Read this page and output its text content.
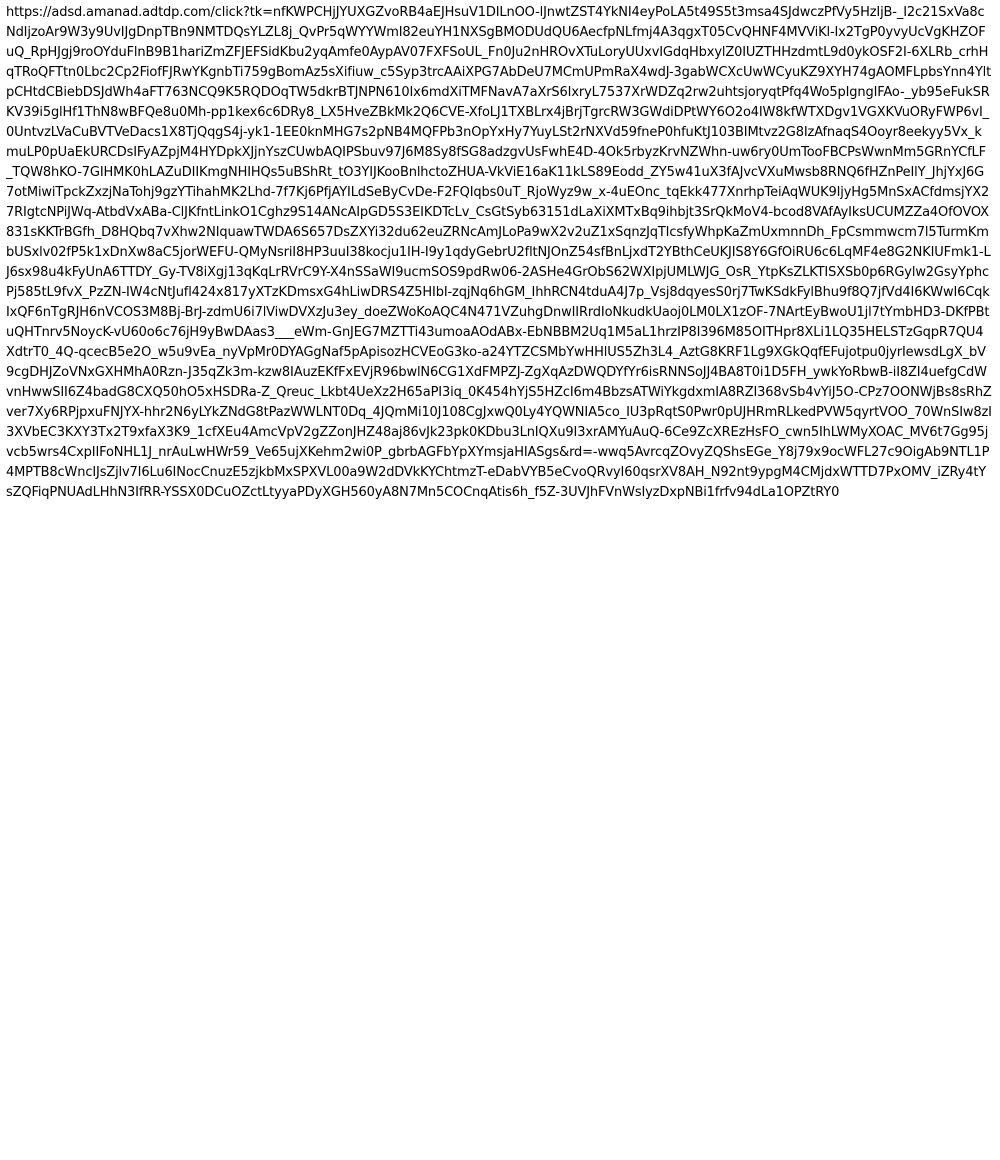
https://adsd.amanad.adtdp.com/click?tk=nfKWPCHjJYUXGZvoRB4aEJHsuV1DILnOO-lJnwtZST4YkNI4eyPoLA5t49S5t3msa4SJdwczPfVy5HzIjB-_I2c21SxVa8cNdIjzoAr9W3y9UvIJgDnpTBn9NMTDQsYLZL8j_QvPr5qWYYWmI82euYH1NXSgBMODUdQU6AecfpNLfmj4A3qgxT05CvQHNF4MVViKl-Ix2TgP0yvyUcVgKHZOFuQ_RpHJgj9roOYduFlnB9B1hariZmZFJEFSidKbu2yqAmfe0AypAV07FXFSoUL_Fn0Ju2nHROvXTuLoryUUxvIGdqHbxylZ0IUZTHHzdmtL9d0ykOSF2I-6XLRb_crhHqTRoQFTtn0Lbc2Cp2FiofFJRwYKgnbTi759gBomAz5sXifiuw_c5Syp3trcAAiXPG7AbDeU7MCmUPmRaX4wdJ-3gabWCXcUwWCyuKZ9XYH74gAOMFLpbsYnn4YltpCHtdCBiebDSJdWh4aFT763NCQ9K5RQDOqTW5dkrBTJNPN610Ix6mdXiTMFNavA7aXrS6IxryL7537XrWDZq2rw2uhtsjoryqtPfq4Wo5pIgngIFAo-_yb95eFukSRKV39i5glHf1ThN8wBFQe8u0Mh-pp1kex6c6DRy8_LX5HveZBkMk2Q6CVE-XfoLJ1TXBLrx4jBrjTgrcRW3GWdiDPtWY6O2o4IW8kfWTXDgv1VGXKVuORyFWP6vI_0UntvzLVaCuBVTVeDacs1X8TjQqgS4j-yk1-1EE0knMHG7s2pNB4MQFPb3nOpYxHy7YuyLSt2rNXVd59fneP0hfuKtJ103BIMtvz2G8IzAfnaqS4Ooyr8eekyy5Vx_kmuLP0pUaEkURCDsIFyAZpjM4HYDpkXJjnYszCUwbAQIPSbuv97J6M8Sy8fSG8adzgvUsFwhE4D-4Ok5rbyzKrvNZWhn-uw6ry0UmTooFBCPsWwnMm5GRnYCfLF_TQW8hKO-7GIHMK0hLAZuDIIKmgNHIHQs5uBShRt_tO3YIJKooBnlhctoZHUA-VkViE16aK11kLS89Eodd_ZY5w41uX3fAJvcVXuMwsb8RNQ6fHZnPeIlY_JhjYxJ6G7otMiwiTpckZxzjNaTohj9gzYTihahMK2Lhd-7f7Kj6PfjAYILdSeByCvDe-F2FQIqbs0uT_RjoWyz9w_x-4uEOnc_tqEkk477XnrhpTeiAqWUK9IjyHg5MnSxACfdmsjYX27RIgtcNPiJWq-AtbdVxABa-ClJKfntLinkO1Cghz9S14ANcAIpGD5S3EIKDTcLv_CsGtSyb63151dLaXiXMTxBq9ihbjt3SrQkMoV4-bcod8VAfAyIksUCUMZZa4OfOVOX831sKKTrBGfh_D8HQbq7vXhw2NIquawTWDA6S657DsZXYi32du62euZRNcAmJLoPa9wX2v2uZ1xSqnzJqTIcsfyWhpKaZmUxmnnDh_FpCsmmwcm7l5TurmKmbUSxlv02fP5k1xDnXw8aC5jorWEFU-QMyNsriI8HP3uuI38kocju1IH-I9y1qdyGebrU2fltNJOnZ54sfBnLjxdT2YBthCeUKJIS8Y6GfOiRU6c6LqMF4e8G2NKIUFmk1-LJ6sx98u4kFyUnA6TTDY_Gy-TV8iXgj13qKqLrRVrC9Y-X4nSSaWI9ucmSOS9pdRw06-2ASHe4GrObS62WXIpjUMLWJG_OsR_YtpKsZLKTISXSb0p6RGylw2GsyYphcPj585tL9fvX_PzZN-IW4cNtJufl424x817yXTzKDmsxG4hLiwDRS4Z5HIbI-zqjNq6hGM_IhhRCN4tduA4J7p_Vsj8dqyesS0rj7TwKSdkFylBhu9f8Q7jfVd4I6KWwI6CqkIxQF6nTgRJH6nVCOS3M8Bj-BrJ-zdmU6i7lViwDVXzJu3ey_doeZWoKoAQC4N471VZuhgDnwIIRrdIoNkudkUaoj0LM0LX1zOF-7NArtEyBwoU1jl7tYmbHD3-DKfPBtuQHTnrv5NoycK-vU60o6c76jH9yBwDAas3___eWm-GnJEG7MZTTi43umoaAOdABx-EbNBBM2Uq1M5aL1hrzIP8I396M85OITHpr8XLi1LQ35HELSTzGqpR7QU4XdtrT0_4Q-qcecB5e2O_w5u9vEa_nyVpMr0DYAGgNaf5pApisozHCVEoG3ko-a24YTZCSMbYwHHlUS5Zh3L4_AztG8KRF1Lg9XGkQqfEFujotpu0jyrIewsdLgX_bV9cgDHJZoVNxGXHMhA0Rzn-J35qZk3m-kzw8IAuzEKfFxEVjR96bwlN6CG1XdFMPZJ-ZgXqAzDWQDYfYr6isRNNSoJJ4BA8T0i1D5FH_ywkYoRbwB-iI8ZI4uefgCdWvnHwwSII6Z4badG8CXQ50hO5xHSDRa-Z_Qreuc_Lkbt4UeXz2H65aPI3iq_0K454hYjS5HZcI6m4BbzsATWiYkgdxmIA8RZI368vSb4vYiJ5O-CPz7OONWjBs8sRhZver7Xy6RPjpxuFNJYX-hhr2N6yLYkZNdG8tPazWWLNT0Dq_4JQmMi10J108CgJxwQ0Ly4YQWNIA5co_IU3pRqtS0Pwr0pUJHRmRLkedPVW5qyrtVOO_70WnSIw8zI3XVbEC3KXY3Tx2T9xfaX3K9_1cfXEu4AmcVpV2gZZonJHZ48aj86vJk23pk0KDbu3LnIQXu9I3xrAMYuAuQ-6Ce9ZcXREzHsFO_cwn5IhLWMyXOAC_MV6t7Gg95jvcb5wrs4CxpIIFoNHL1J_nrAuLwHWr59_Ve65ujXKehm2wi0P_gbrbAGFbYpXYmsjaHIASgs&rd=-wwq5AvrcqZOvyZQShsEGe_Y8j79x9ocWFL27c9OigAb9NTL1P4MPTB8cWncIJsZjlv7I6Lu6INocCnuzE5zjkbMxSPXVL00a9W2dDVkKYChtmzT-eDabVYB5eCvoQRvyI60qsrXV8AH_N92nt9ypgM4CMjdxWTTD7PxOMV_iZRy4tYsZQFiqPNUAdLHhN3IfRR-YSSX0DCuOZctLtyyaPDyXGH560yA8N7Mn5COCnqAtis6h_f5Z-3UVJhFVnWsIyzDxpNBi1frfv94dLa1OPZtRY0
